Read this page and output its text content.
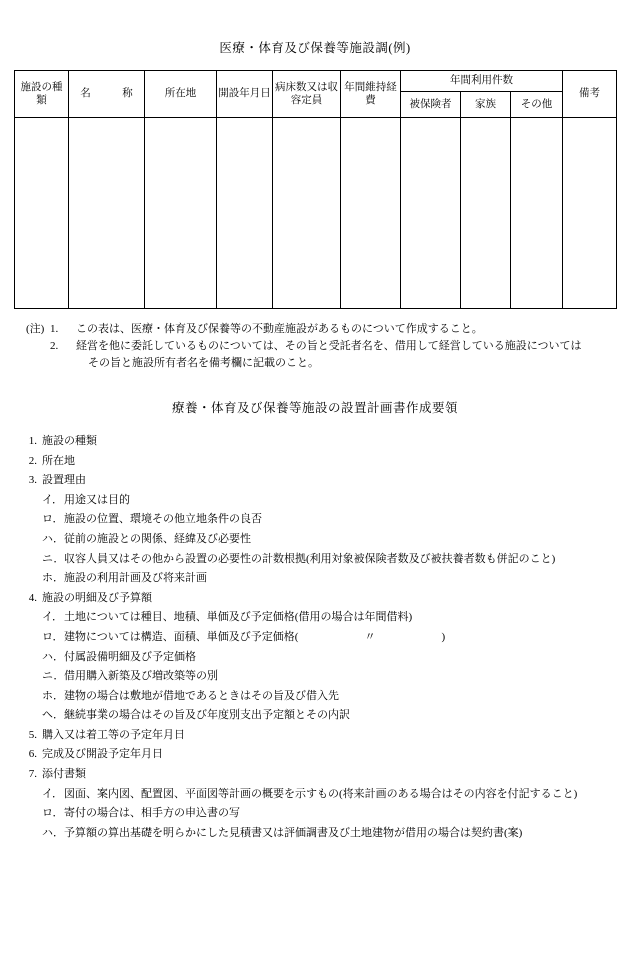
医療・体育及び保養等施設調(例)
施設の種類	名　　　称	所在地	開設年月日	病床数又は収容定員	年間維持経費	年間利用件数			備考
						被保険者	家族	その他	

(注) 1.	この表は、医療・体育及び保養等の不動産施設があるものについて作成すること。
2.	経営を他に委託しているものについては、その旨と受託者名を、借用して経営している施設については
その旨と施設所有者名を備考欄に記載のこと。
療養・体育及び保養等施設の設置計画書作成要領
1. 施設の種類
2. 所在地
3. 設置理由
イ． 用途又は目的
ロ． 施設の位置、環境その他立地条件の良否
ハ． 従前の施設との関係、経緯及び必要性
ニ． 収容人員又はその他から設置の必要性の計数根拠(利用対象被保険者数及び被扶養者数も併記のこと)
ホ． 施設の利用計画及び将来計画
4. 施設の明細及び予算額
イ． 土地については種目、地積、単価及び予定価格(借用の場合は年間借料)
ロ． 建物については構造、面積、単価及び予定価格(　　　　　　〃　　　　　　)
ハ． 付属設備明細及び予定価格
ニ． 借用購入新築及び増改築等の別
ホ． 建物の場合は敷地が借地であるときはその旨及び借入先
ヘ． 継続事業の場合はその旨及び年度別支出予定額とその内訳
5. 購入又は着工等の予定年月日
6. 完成及び開設予定年月日
7. 添付書類
イ． 図面、案内図、配置図、平面図等計画の概要を示すもの(将来計画のある場合はその内容を付記すること)
ロ． 寄付の場合は、相手方の申込書の写
ハ． 予算額の算出基礎を明らかにした見積書又は評価調書及び土地建物が借用の場合は契約書(案)
